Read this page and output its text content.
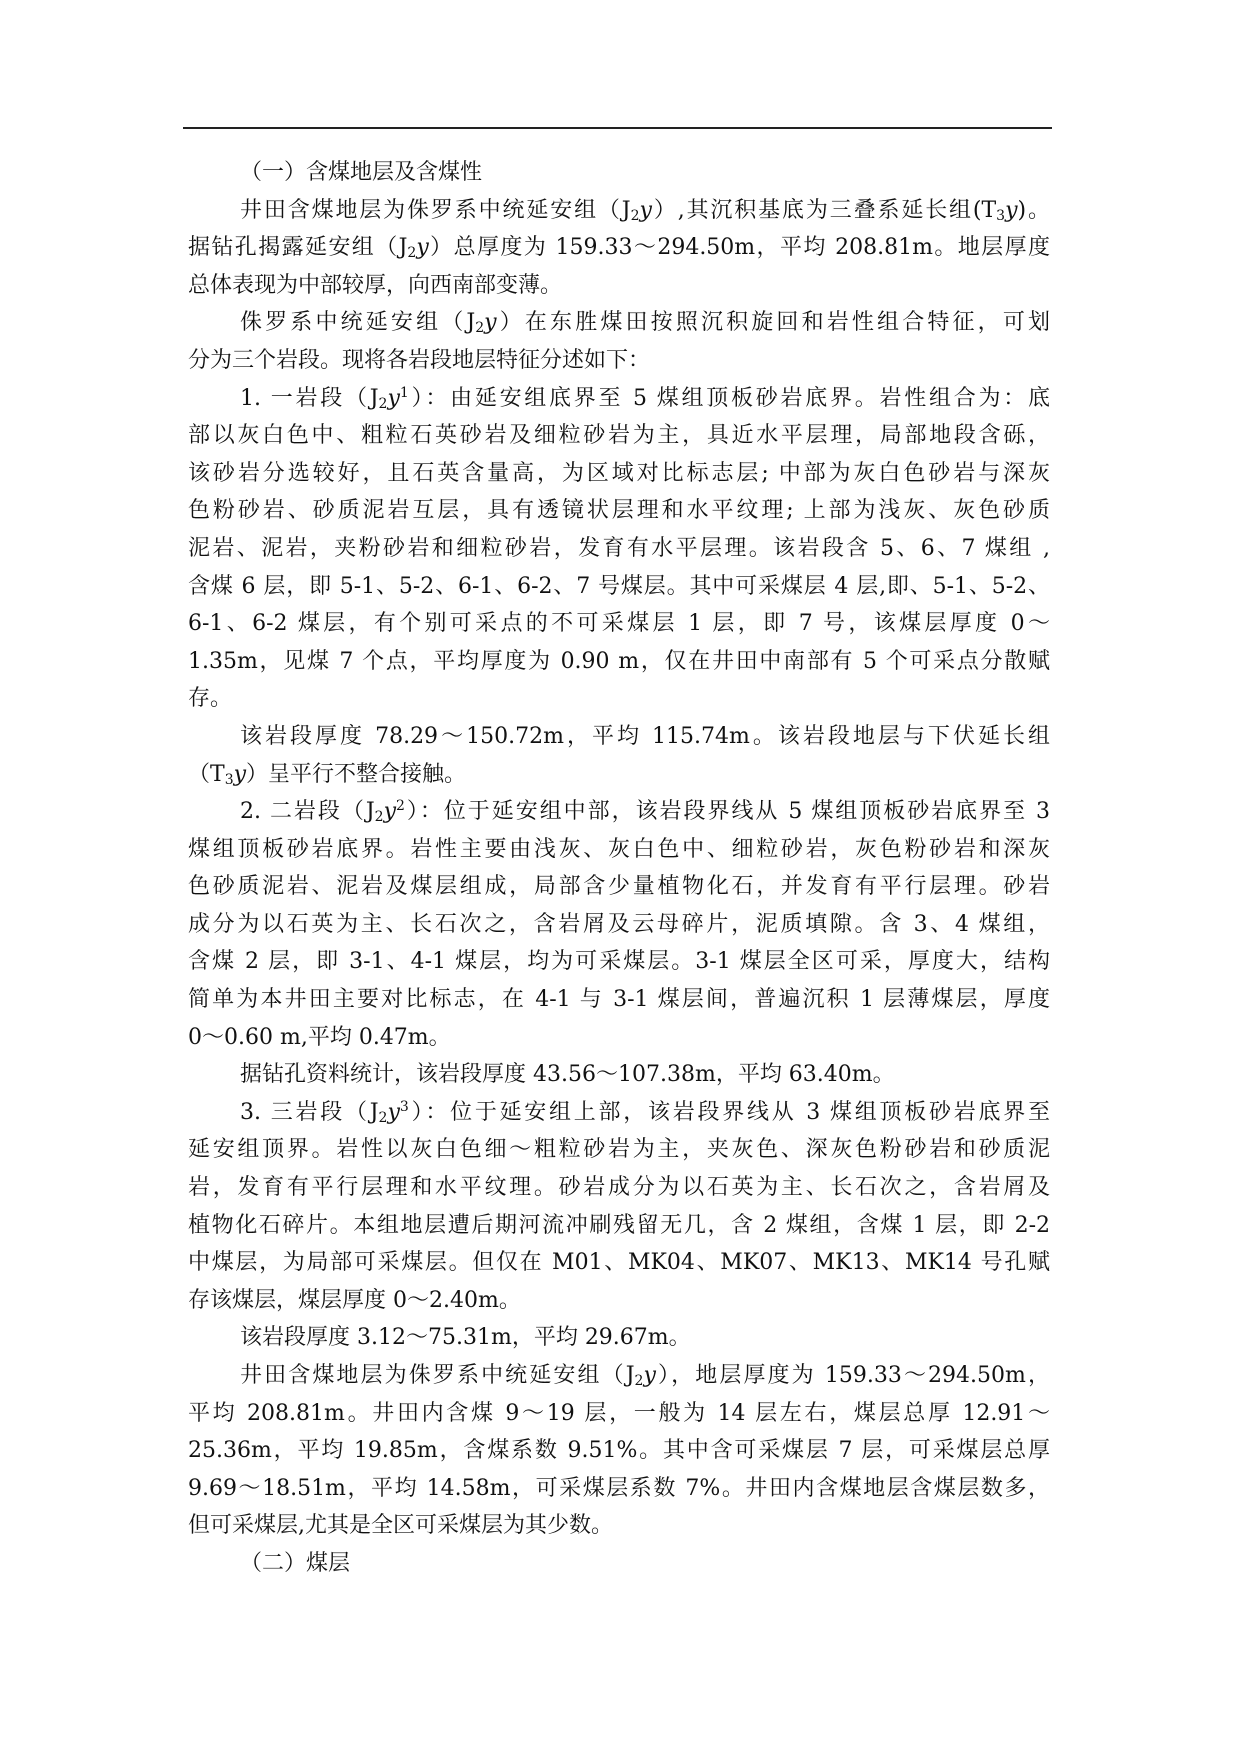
（一）含煤地层及含煤性
井田含煤地层为侏罗系中统延安组$(J_2y)$,其沉积基底为三叠系延长组$(T_3y)$。
据钻孔揭露延安组$(J_2y)$总厚度为 159.33～294.50m，平均 208.81m。地层厚度
总体表现为中部较厚，向西南部变薄。
侏罗系中统延安组$(J_2y)$在东胜煤田按照沉积旋回和岩性组合特征，可划
分为三个岩段。现将各岩段地层特征分述如下：
1. 一岩段$(J_2y^1)$：由延安组底界至 5 煤组顶板砂岩底界。岩性组合为：底
部以灰白色中、粗粒石英砂岩及细粒砂岩为主，具近水平层理，局部地段含砾，
该砂岩分选较好，且石英含量高，为区域对比标志层; 中部为灰白色砂岩与深灰
色粉砂岩、砂质泥岩互层，具有透镜状层理和水平纹理; 上部为浅灰、灰色砂质
泥岩、泥岩，夹粉砂岩和细粒砂岩，发育有水平层理。该岩段含 5、6、7 煤组 ,
含煤 6 层，即 5-1、5-2、6-1、6-2、7 号煤层。其中可采煤层 4 层,即、5-1、5-2、
6-1、6-2 煤层，有个别可采点的不可采煤层 1 层，即 7 号，该煤层厚度 0～
1.35m，见煤 7 个点，平均厚度为 0.90 m，仅在井田中南部有 5 个可采点分散赋
存。
该岩段厚度 78.29～150.72m，平均 115.74m。该岩段地层与下伏延长组
$(T_3y)$呈平行不整合接触。
2. 二岩段$(J_2y^2)$：位于延安组中部，该岩段界线从 5 煤组顶板砂岩底界至 3
煤组顶板砂岩底界。岩性主要由浅灰、灰白色中、细粒砂岩，灰色粉砂岩和深灰
色砂质泥岩、泥岩及煤层组成，局部含少量植物化石，并发育有平行层理。砂岩
成分为以石英为主、长石次之，含岩屑及云母碎片，泥质填隙。含 3、4 煤组，
含煤 2 层，即 3-1、4-1 煤层，均为可采煤层。3-1 煤层全区可采，厚度大，结构
简单为本井田主要对比标志，在 4-1 与 3-1 煤层间，普遍沉积 1 层薄煤层，厚度
0～0.60 m,平均 0.47m。
据钻孔资料统计，该岩段厚度 43.56～107.38m，平均 63.40m。
3. 三岩段$(J_2y^3)$：位于延安组上部，该岩段界线从 3 煤组顶板砂岩底界至
延安组顶界。岩性以灰白色细～粗粒砂岩为主，夹灰色、深灰色粉砂岩和砂质泥
岩，发育有平行层理和水平纹理。砂岩成分为以石英为主、长石次之，含岩屑及
植物化石碎片。本组地层遭后期河流冲刷残留无几，含 2 煤组，含煤 1 层，即 2-2
中煤层，为局部可采煤层。但仅在 M01、MK04、MK07、MK13、MK14 号孔赋
存该煤层，煤层厚度 0～2.40m。
该岩段厚度 3.12～75.31m，平均 29.67m。
井田含煤地层为侏罗系中统延安组$(J_2y)$，地层厚度为 159.33～294.50m，
平均 208.81m。井田内含煤 9～19 层，一般为 14 层左右，煤层总厚 12.91～
25.36m，平均 19.85m，含煤系数 9.51%。其中含可采煤层 7 层，可采煤层总厚
9.69～18.51m，平均 14.58m，可采煤层系数 7%。井田内含煤地层含煤层数多，
但可采煤层,尤其是全区可采煤层为其少数。
（二）煤层
